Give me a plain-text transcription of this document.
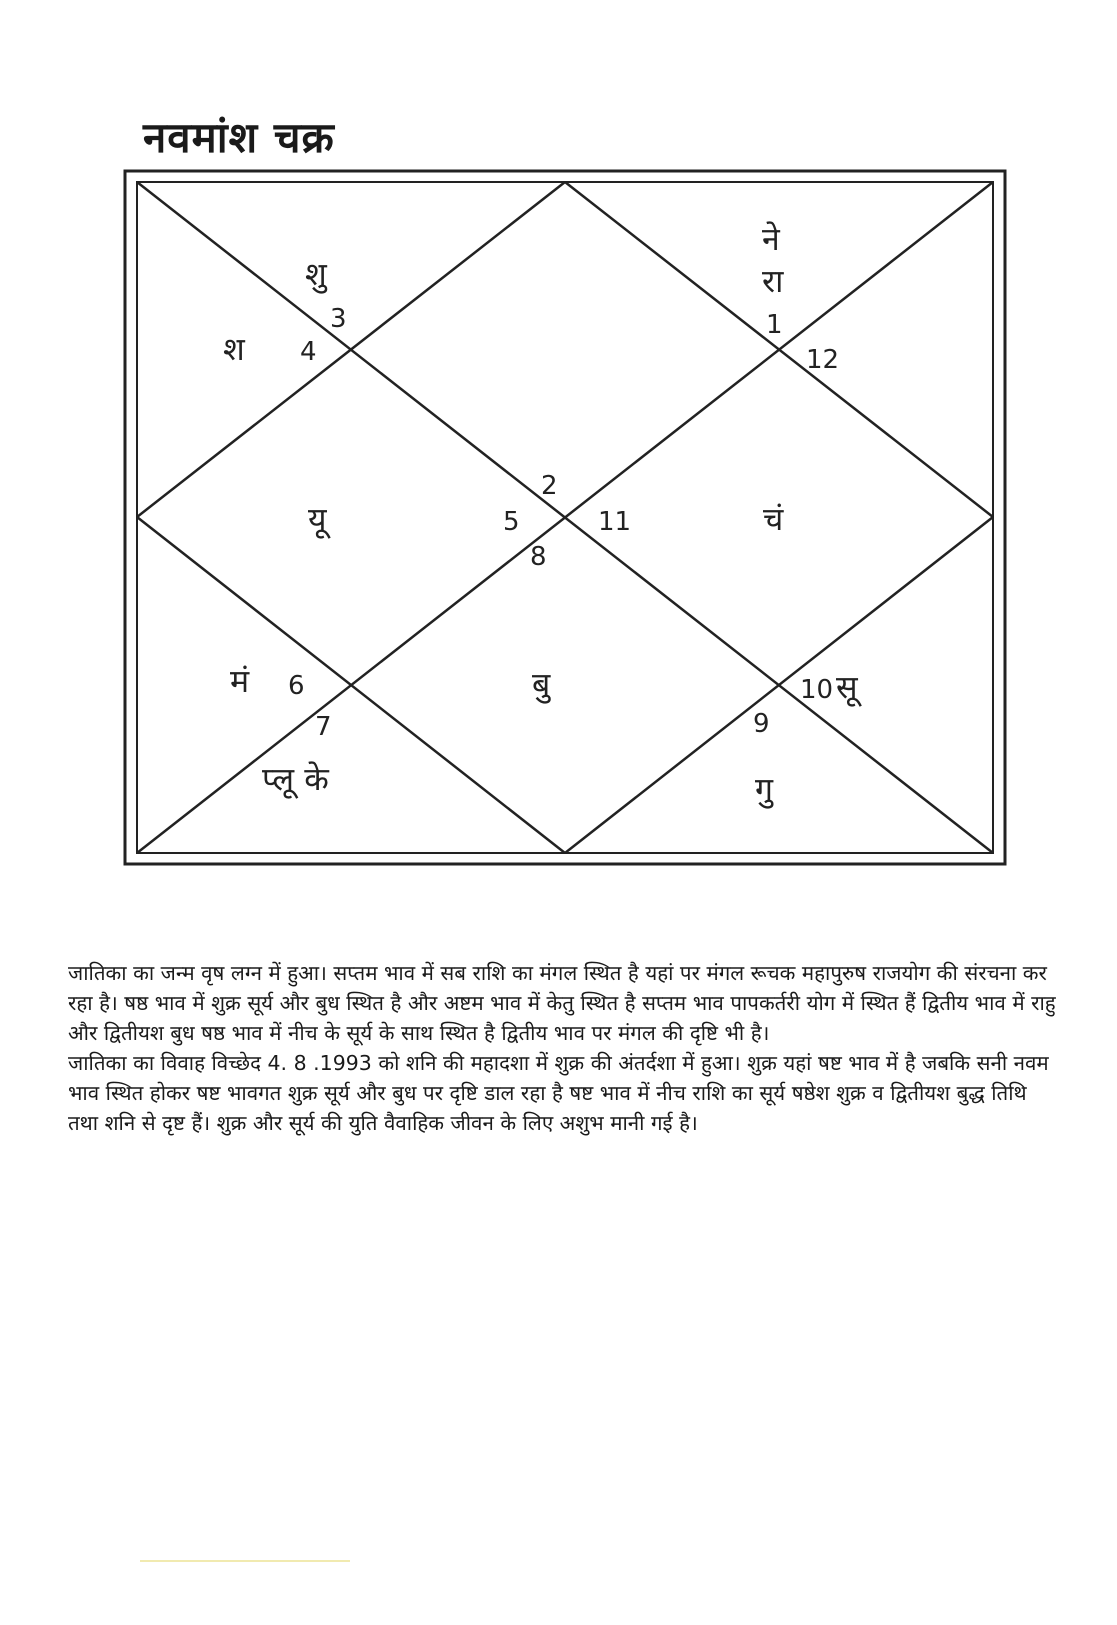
नवमांश चक्र
3
4
1
12
2
5	11
8
6
7
10
9
शु
श
ने
रा
यू	चं
मं	बु	सू
प्लू के	गु

जातिका का जन्म वृष लग्न में हुआ। सप्तम भाव में सब राशि का मंगल स्थित है यहां पर मंगल रूचक महापुरुष राजयोग की संरचना कर रहा है। षष्ठ भाव में शुक्र सूर्य और बुध स्थित है और अष्टम भाव में केतु स्थित है सप्तम भाव पापकर्तरी योग में स्थित हैं द्वितीय भाव में राहु और द्वितीयश बुध षष्ठ भाव में नीच के सूर्य के साथ स्थित है द्वितीय भाव पर मंगल की दृष्टि भी है।

जातिका का विवाह विच्छेद 4. 8 .1993 को शनि की महादशा में शुक्र की अंतर्दशा में हुआ। शुक्र यहां षष्ट भाव में है जबकि सनी नवम भाव स्थित होकर षष्ट भावगत शुक्र सूर्य और बुध पर दृष्टि डाल रहा है षष्ट भाव में नीच राशि का सूर्य षष्ठेश शुक्र व द्वितीयश बुद्ध तिथि तथा शनि से दृष्ट हैं। शुक्र और सूर्य की युति वैवाहिक जीवन के लिए अशुभ मानी गई है।
